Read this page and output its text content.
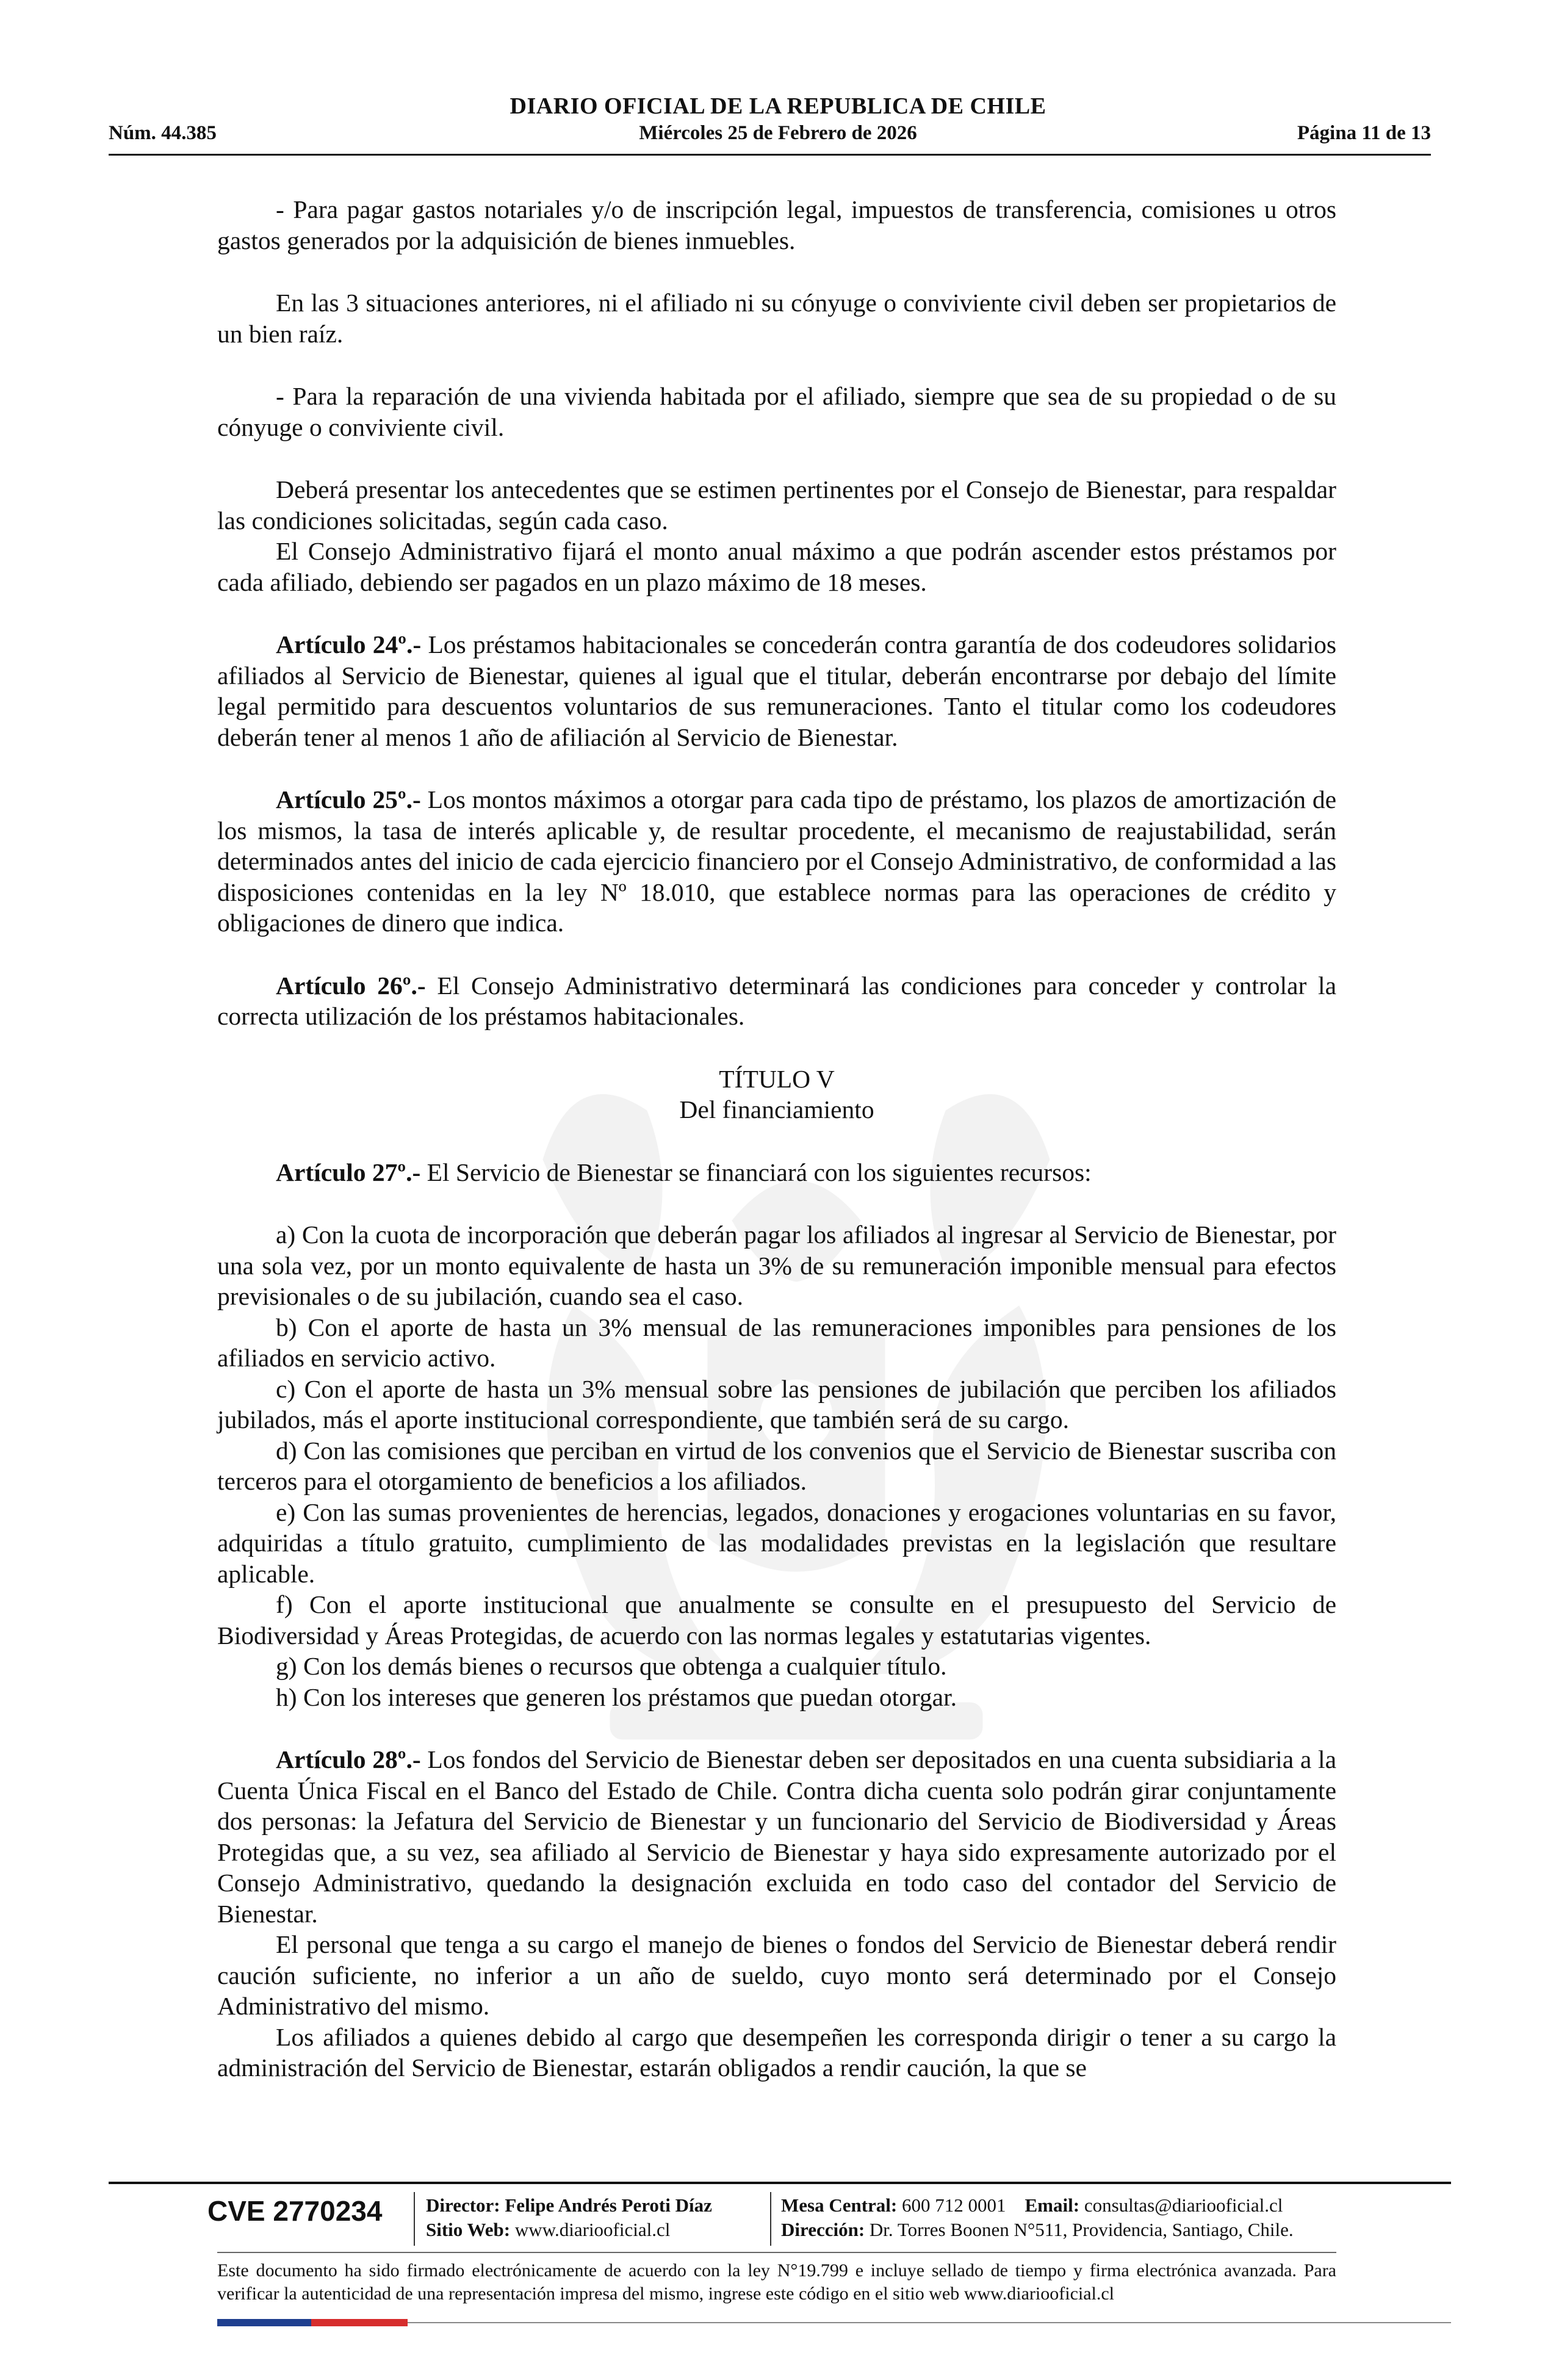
DIARIO OFICIAL DE LA REPUBLICA DE CHILE
Núm. 44.385	Miércoles 25 de Febrero de 2026	Página 11 de 13

- Para pagar gastos notariales y/o de inscripción legal, impuestos de transferencia, comisiones u otros gastos generados por la adquisición de bienes inmuebles.

En las 3 situaciones anteriores, ni el afiliado ni su cónyuge o conviviente civil deben ser propietarios de un bien raíz.

- Para la reparación de una vivienda habitada por el afiliado, siempre que sea de su propiedad o de su cónyuge o conviviente civil.

Deberá presentar los antecedentes que se estimen pertinentes por el Consejo de Bienestar, para respaldar las condiciones solicitadas, según cada caso.

El Consejo Administrativo fijará el monto anual máximo a que podrán ascender estos préstamos por cada afiliado, debiendo ser pagados en un plazo máximo de 18 meses.

Artículo 24º.- Los préstamos habitacionales se concederán contra garantía de dos codeudores solidarios afiliados al Servicio de Bienestar, quienes al igual que el titular, deberán encontrarse por debajo del límite legal permitido para descuentos voluntarios de sus remuneraciones. Tanto el titular como los codeudores deberán tener al menos 1 año de afiliación al Servicio de Bienestar.

Artículo 25º.- Los montos máximos a otorgar para cada tipo de préstamo, los plazos de amortización de los mismos, la tasa de interés aplicable y, de resultar procedente, el mecanismo de reajustabilidad, serán determinados antes del inicio de cada ejercicio financiero por el Consejo Administrativo, de conformidad a las disposiciones contenidas en la ley Nº 18.010, que establece normas para las operaciones de crédito y obligaciones de dinero que indica.

Artículo 26º.- El Consejo Administrativo determinará las condiciones para conceder y controlar la correcta utilización de los préstamos habitacionales.

TÍTULO V

Del financiamiento

Artículo 27º.- El Servicio de Bienestar se financiará con los siguientes recursos:

a) Con la cuota de incorporación que deberán pagar los afiliados al ingresar al Servicio de Bienestar, por una sola vez, por un monto equivalente de hasta un 3% de su remuneración imponible mensual para efectos previsionales o de su jubilación, cuando sea el caso.

b) Con el aporte de hasta un 3% mensual de las remuneraciones imponibles para pensiones de los afiliados en servicio activo.

c) Con el aporte de hasta un 3% mensual sobre las pensiones de jubilación que perciben los afiliados jubilados, más el aporte institucional correspondiente, que también será de su cargo.

d) Con las comisiones que perciban en virtud de los convenios que el Servicio de Bienestar suscriba con terceros para el otorgamiento de beneficios a los afiliados.

e) Con las sumas provenientes de herencias, legados, donaciones y erogaciones voluntarias en su favor, adquiridas a título gratuito, cumplimiento de las modalidades previstas en la legislación que resultare aplicable.

f) Con el aporte institucional que anualmente se consulte en el presupuesto del Servicio de Biodiversidad y Áreas Protegidas, de acuerdo con las normas legales y estatutarias vigentes.

g) Con los demás bienes o recursos que obtenga a cualquier título.

h) Con los intereses que generen los préstamos que puedan otorgar.

Artículo 28º.- Los fondos del Servicio de Bienestar deben ser depositados en una cuenta subsidiaria a la Cuenta Única Fiscal en el Banco del Estado de Chile. Contra dicha cuenta solo podrán girar conjuntamente dos personas: la Jefatura del Servicio de Bienestar y un funcionario del Servicio de Biodiversidad y Áreas Protegidas que, a su vez, sea afiliado al Servicio de Bienestar y haya sido expresamente autorizado por el Consejo Administrativo, quedando la designación excluida en todo caso del contador del Servicio de Bienestar.

El personal que tenga a su cargo el manejo de bienes o fondos del Servicio de Bienestar deberá rendir caución suficiente, no inferior a un año de sueldo, cuyo monto será determinado por el Consejo Administrativo del mismo.

Los afiliados a quienes debido al cargo que desempeñen les corresponda dirigir o tener a su cargo la administración del Servicio de Bienestar, estarán obligados a rendir caución, la que se

CVE 2770234 Director: Felipe Andrés Peroti Díaz
Sitio Web: www.diariooficial.cl
Mesa Central: 600 712 0001 Email: consultas@diariooficial.cl
Dirección: Dr. Torres Boonen N°511, Providencia, Santiago, Chile.
Este documento ha sido firmado electrónicamente de acuerdo con la ley N°19.799 e incluye sellado de tiempo y firma electrónica avanzada. Para verificar la autenticidad de una representación impresa del mismo, ingrese este código en el sitio web www.diariooficial.cl
